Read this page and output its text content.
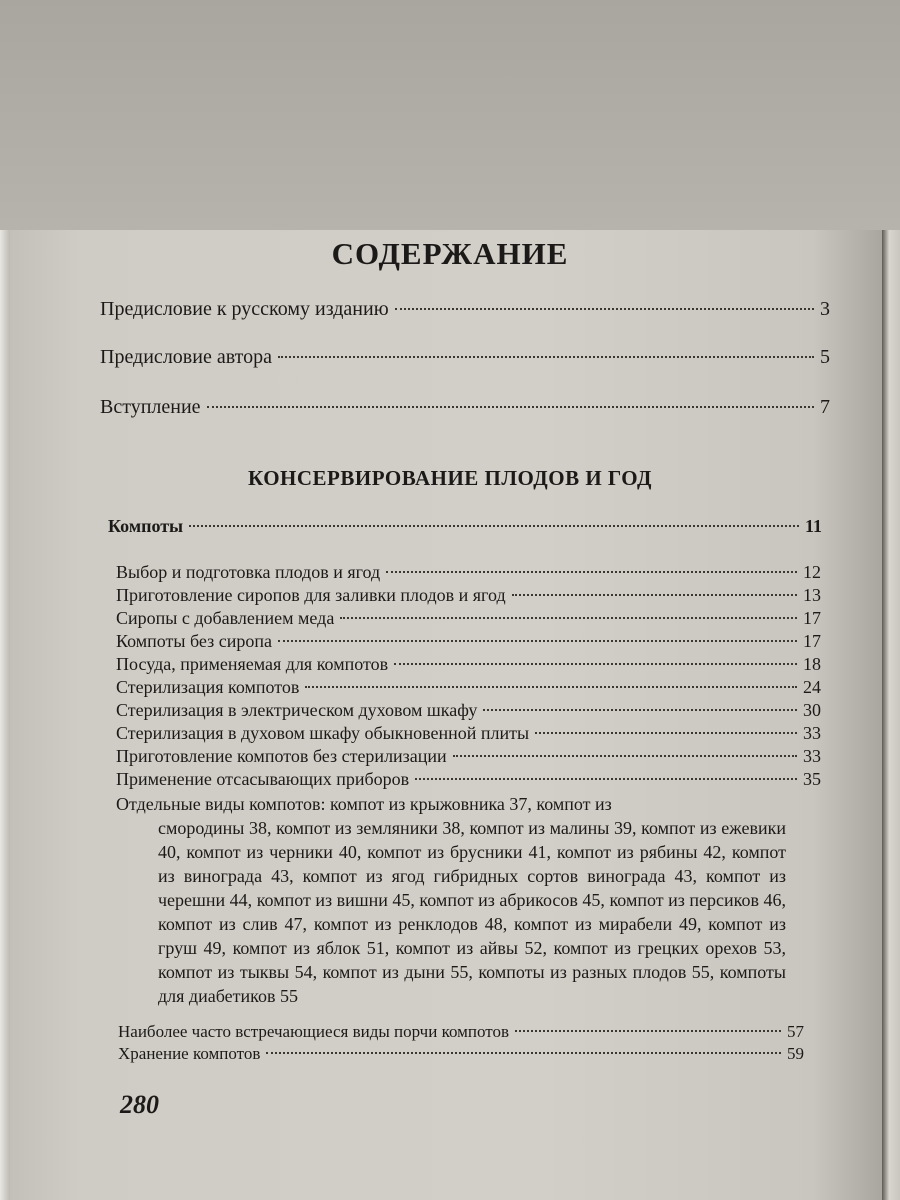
СОДЕРЖАНИЕ
Предисловие к русскому изданию	3
Предисловие автора	5
Вступление	7
КОНСЕРВИРОВАНИЕ ПЛОДОВ И ГОД
Компоты	11
Выбор и подготовка плодов и ягод	12
Приготовление сиропов для заливки плодов и ягод	13
Сиропы с добавлением меда	17
Компоты без сиропа	17
Посуда, применяемая для компотов	18
Стерилизация компотов	24
Стерилизация в электрическом духовом шкафу	30
Стерилизация в духовом шкафу обыкновенной плиты	33
Приготовление компотов без стерилизации	33
Применение отсасывающих приборов	35
Отдельные виды компотов: компот из крыжовника 37, компот из
смородины 38, компот из земляники 38, компот из малины 39, компот из ежевики 40, компот из черники 40, компот из брусники 41, компот из рябины 42, компот из винограда 43, компот из ягод гибридных сортов винограда 43, компот из черешни 44, компот из вишни 45, компот из абрикосов 45, компот из персиков 46, компот из слив 47, компот из ренклодов 48, компот из мирабели 49, компот из груш 49, компот из яблок 51, компот из айвы 52, компот из грецких орехов 53, компот из тыквы 54, компот из дыни 55, компоты из разных плодов 55, компоты для диабетиков 55
Наиболее часто встречающиеся виды порчи компотов	57
Хранение компотов	59
280
